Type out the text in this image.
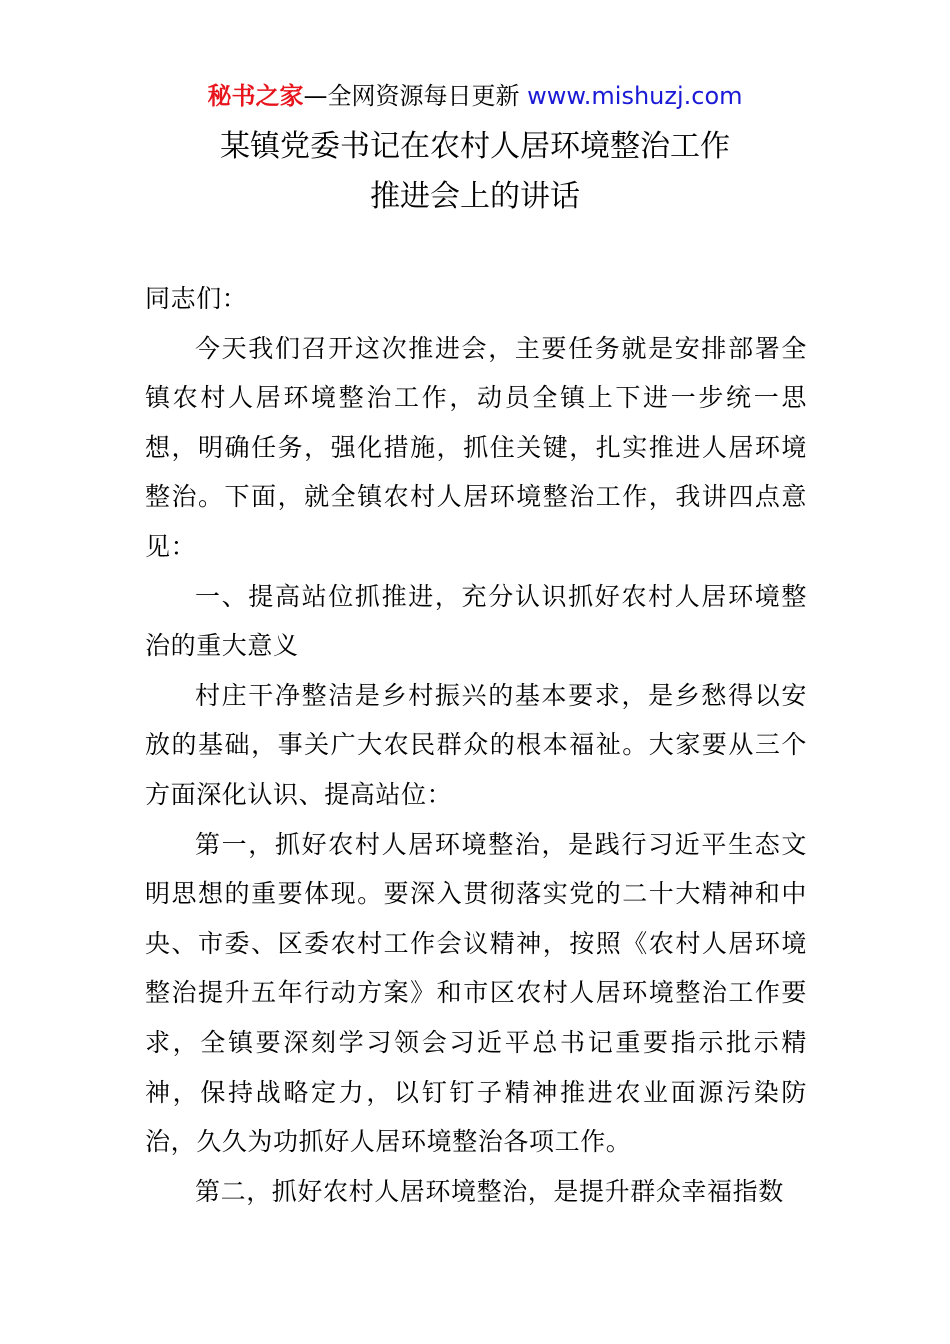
秘书之家—全网资源每日更新 www.mishuzj.com
某镇党委书记在农村人居环境整治工作
推进会上的讲话

同志们：

今天我们召开这次推进会，主要任务就是安排部署全镇农村人居环境整治工作，动员全镇上下进一步统一思想，明确任务，强化措施，抓住关键，扎实推进人居环境整治。下面，就全镇农村人居环境整治工作，我讲四点意见：

一、提高站位抓推进，充分认识抓好农村人居环境整治的重大意义

村庄干净整洁是乡村振兴的基本要求，是乡愁得以安放的基础，事关广大农民群众的根本福祉。大家要从三个方面深化认识、提高站位：

第一，抓好农村人居环境整治，是践行习近平生态文明思想的重要体现。要深入贯彻落实党的二十大精神和中央、市委、区委农村工作会议精神，按照《农村人居环境整治提升五年行动方案》和市区农村人居环境整治工作要求，全镇要深刻学习领会习近平总书记重要指示批示精神，保持战略定力，以钉钉子精神推进农业面源污染防治，久久为功抓好人居环境整治各项工作。

第二，抓好农村人居环境整治，是提升群众幸福指数
